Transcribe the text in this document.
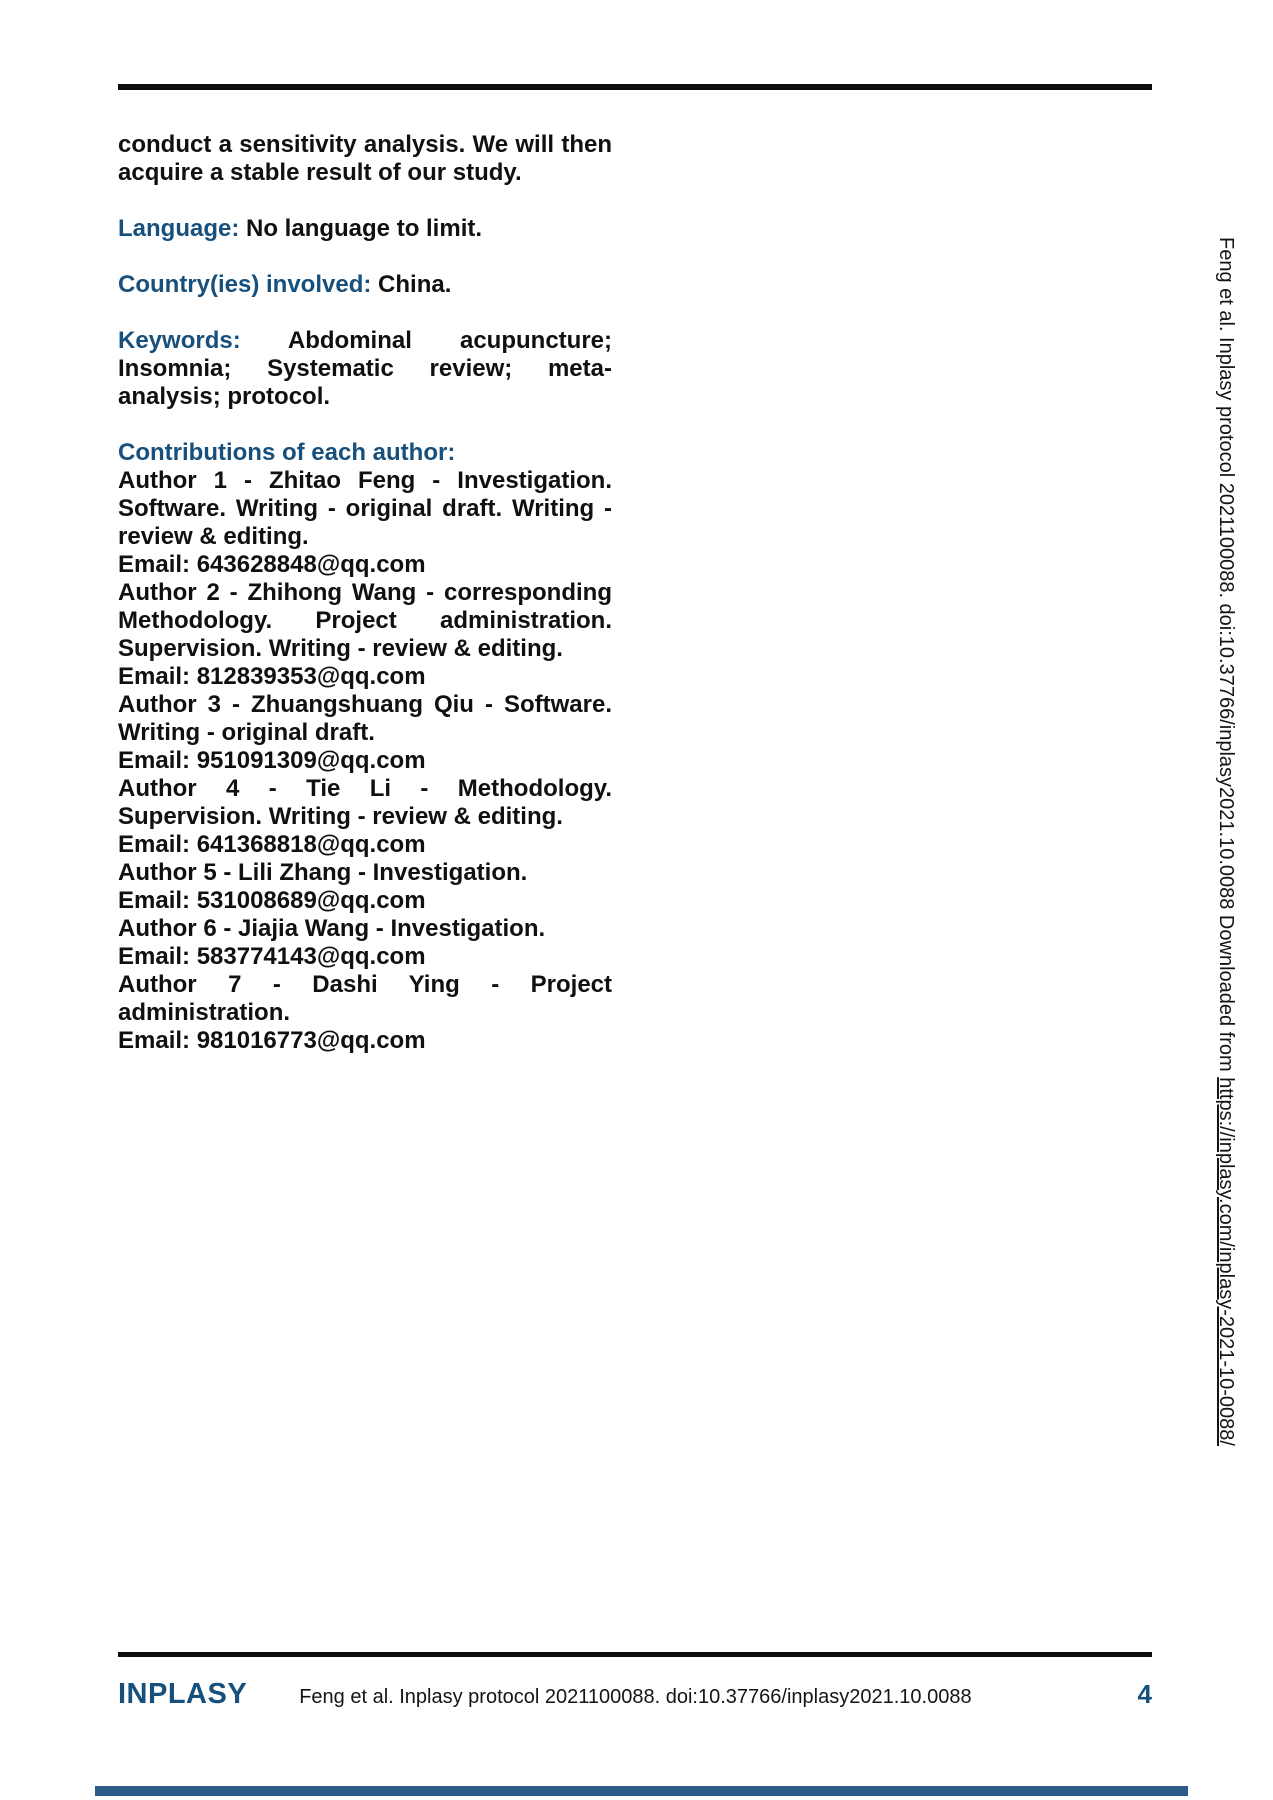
conduct a sensitivity analysis. We will then acquire a stable result of our study.

Language: No language to limit.

Country(ies) involved: China.

Keywords: Abdominal acupuncture; Insomnia; Systematic review; meta-analysis; protocol.

Contributions of each author:

Author 1 - Zhitao Feng - Investigation. Software. Writing - original draft. Writing - review & editing.

Email: 643628848@qq.com

Author 2 - Zhihong Wang - corresponding Methodology. Project administration. Supervision. Writing - review & editing.

Email: 812839353@qq.com

Author 3 - Zhuangshuang Qiu - Software. Writing - original draft.

Email: 951091309@qq.com

Author 4 - Tie Li - Methodology. Supervision. Writing - review & editing.

Email: 641368818@qq.com

Author 5 - Lili Zhang - Investigation.

Email: 531008689@qq.com

Author 6 - Jiajia Wang - Investigation.

Email: 583774143@qq.com

Author 7 - Dashi Ying - Project administration.

Email: 981016773@qq.com	Feng et al. Inplasy protocol 2021100088. doi:10.37766/inplasy2021.10.0088 Downloaded from https://inplasy.com/inplasy-2021-10-0088/
INPLASY	Feng et al. Inplasy protocol 2021100088. doi:10.37766/inplasy2021.10.0088	4
